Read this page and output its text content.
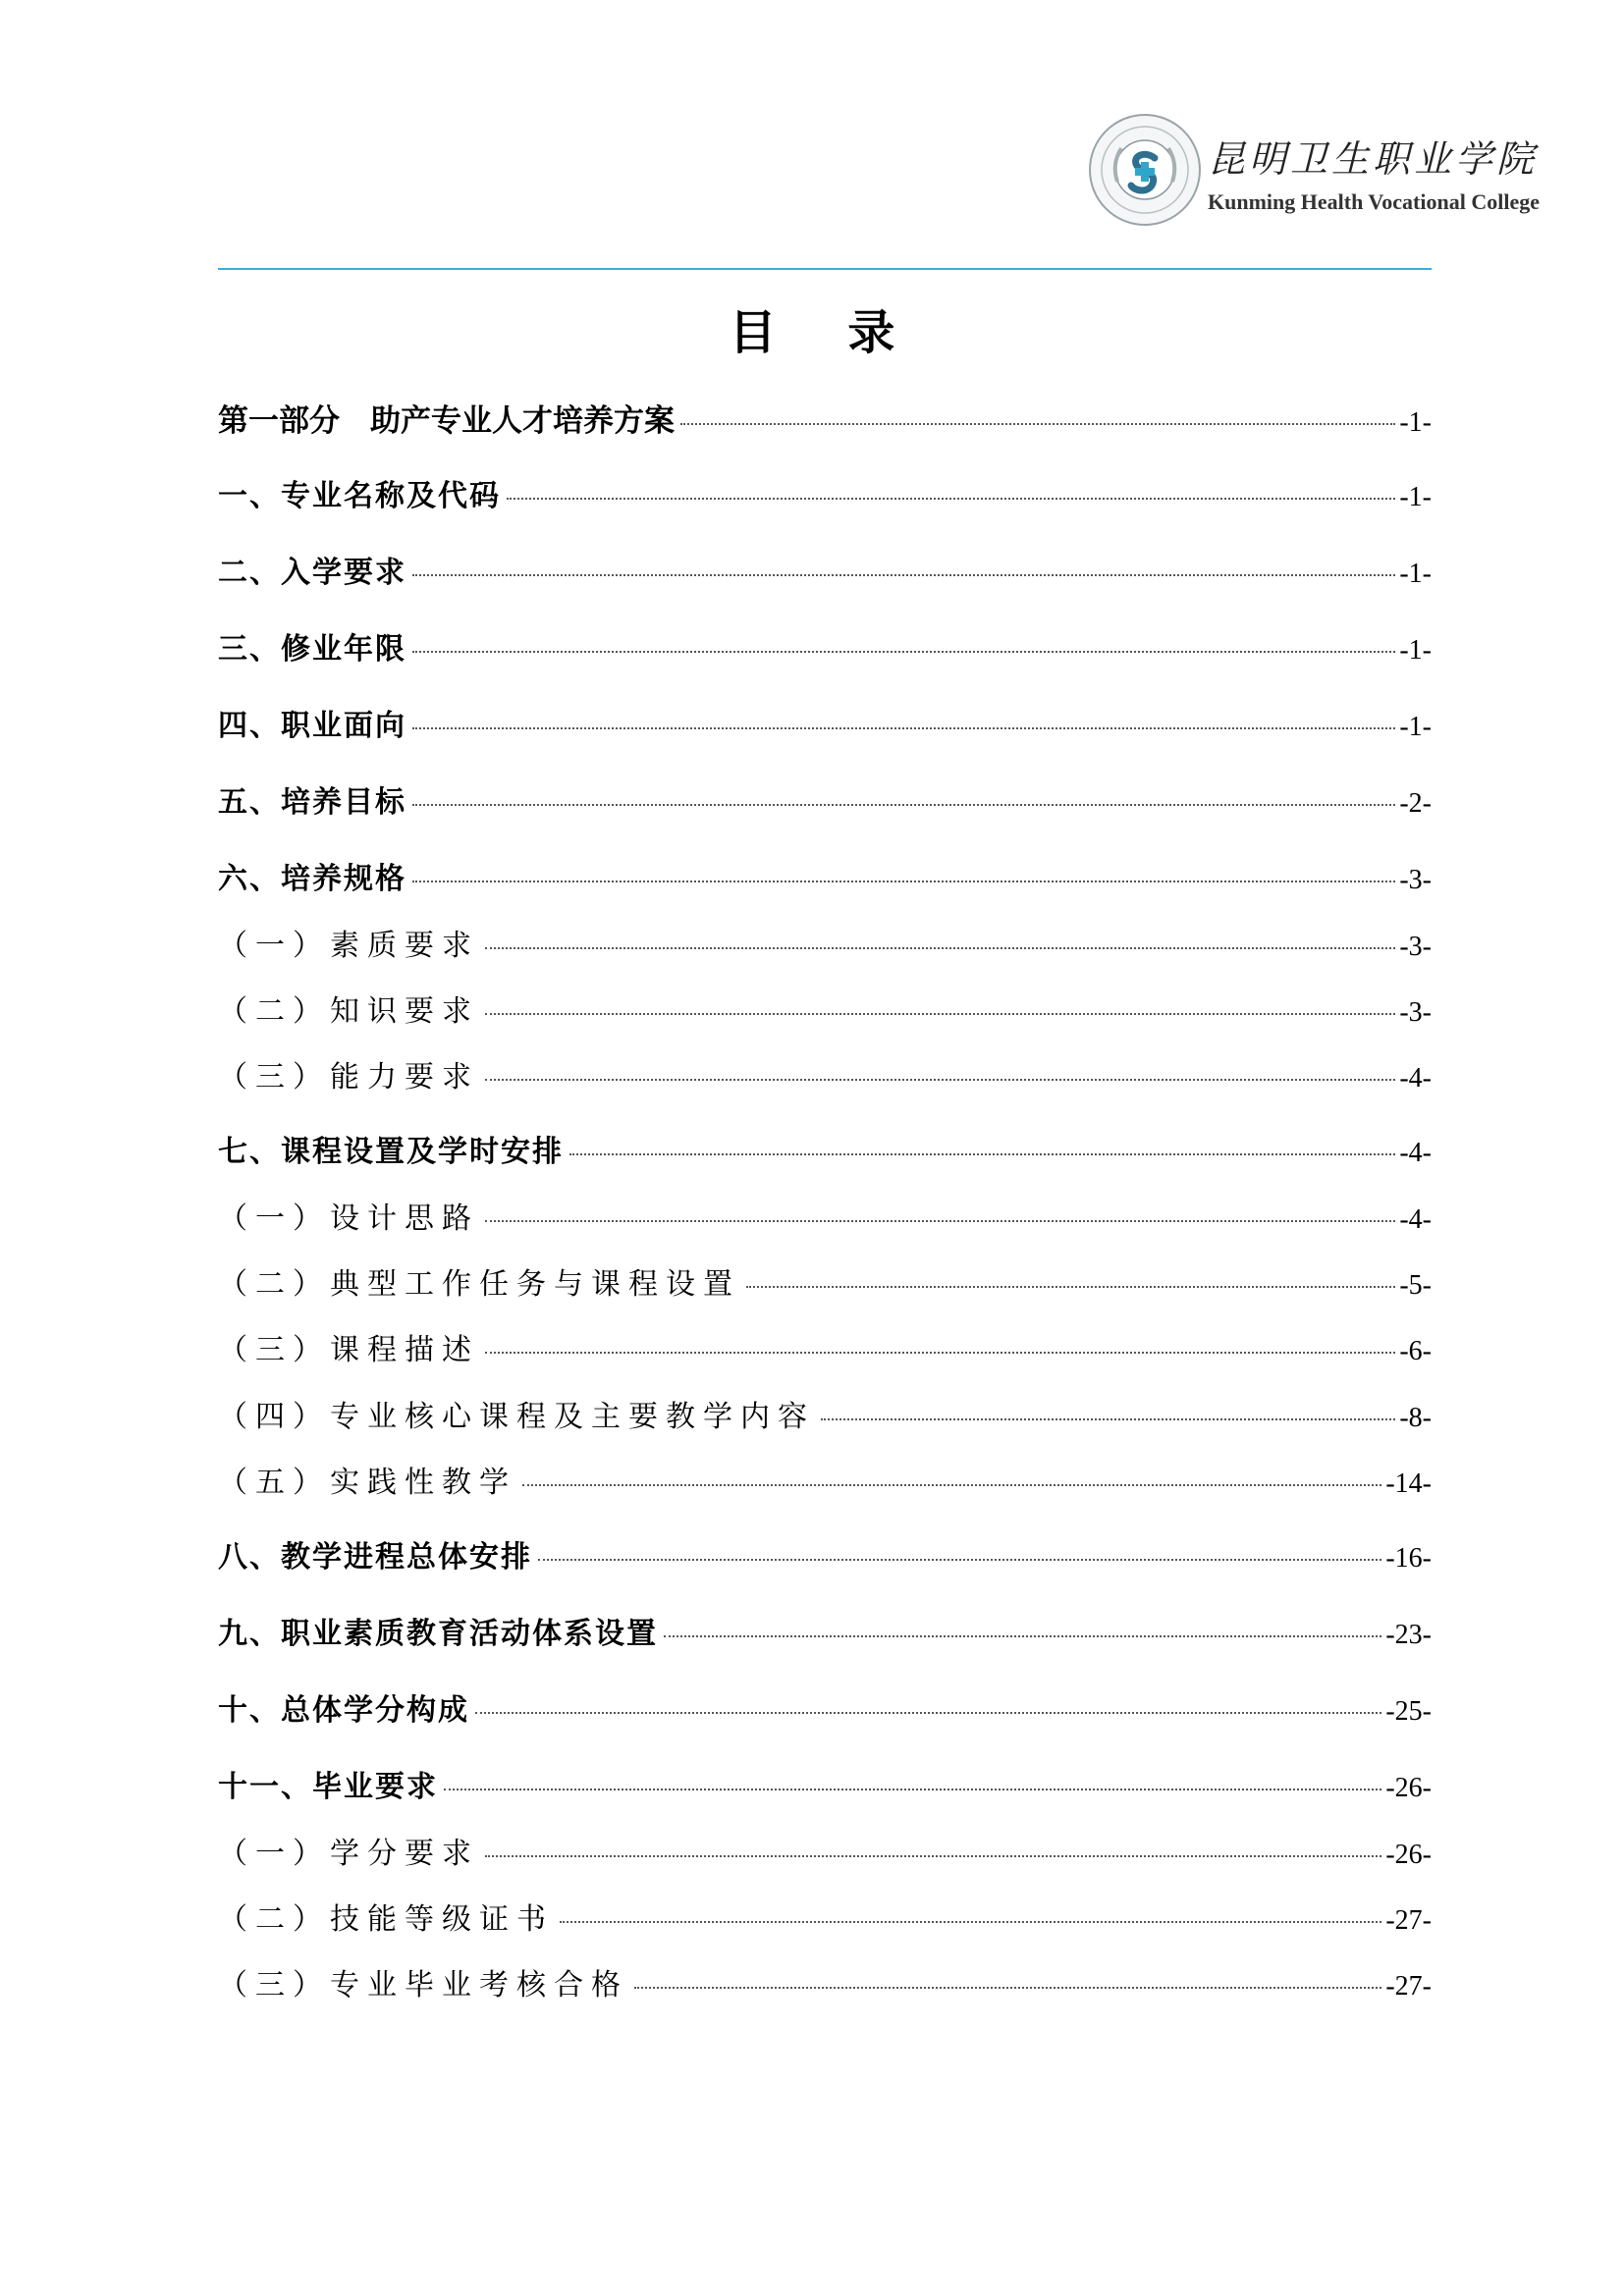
昆明卫生职业学院
Kunming Health Vocational College
目 录
第一部分　助产专业人才培养方案	-1-
一、专业名称及代码	-1-
二、入学要求	-1-
三、修业年限	-1-
四、职业面向	-1-
五、培养目标	-2-
六、培养规格	-3-
（一）素质要求	-3-
（二）知识要求	-3-
（三）能力要求	-4-
七、课程设置及学时安排	-4-
（一）设计思路	-4-
（二）典型工作任务与课程设置	-5-
（三）课程描述	-6-
（四）专业核心课程及主要教学内容	-8-
（五）实践性教学	-14-
八、教学进程总体安排	-16-
九、职业素质教育活动体系设置	-23-
十、总体学分构成	-25-
十一、毕业要求	-26-
（一）学分要求	-26-
（二）技能等级证书	-27-
（三）专业毕业考核合格	-27-
